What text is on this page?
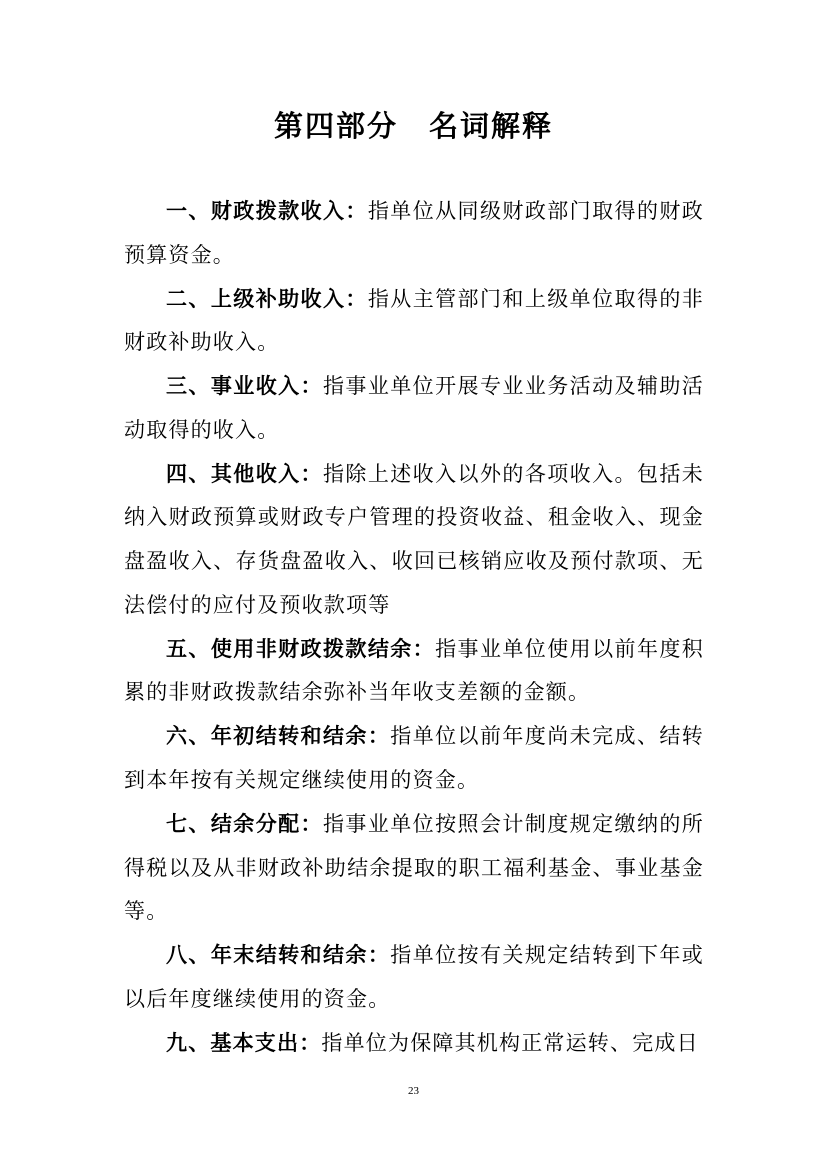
第四部分　名词解释

一、财政拨款收入：指单位从同级财政部门取得的财政预算资金。

二、上级补助收入：指从主管部门和上级单位取得的非财政补助收入。

三、事业收入：指事业单位开展专业业务活动及辅助活动取得的收入。

四、其他收入：指除上述收入以外的各项收入。包括未纳入财政预算或财政专户管理的投资收益、租金收入、现金盘盈收入、存货盘盈收入、收回已核销应收及预付款项、无法偿付的应付及预收款项等

五、使用非财政拨款结余：指事业单位使用以前年度积累的非财政拨款结余弥补当年收支差额的金额。

六、年初结转和结余：指单位以前年度尚未完成、结转到本年按有关规定继续使用的资金。

七、结余分配：指事业单位按照会计制度规定缴纳的所得税以及从非财政补助结余提取的职工福利基金、事业基金等。

八、年末结转和结余：指单位按有关规定结转到下年或以后年度继续使用的资金。

九、基本支出：指单位为保障其机构正常运转、完成日

23
